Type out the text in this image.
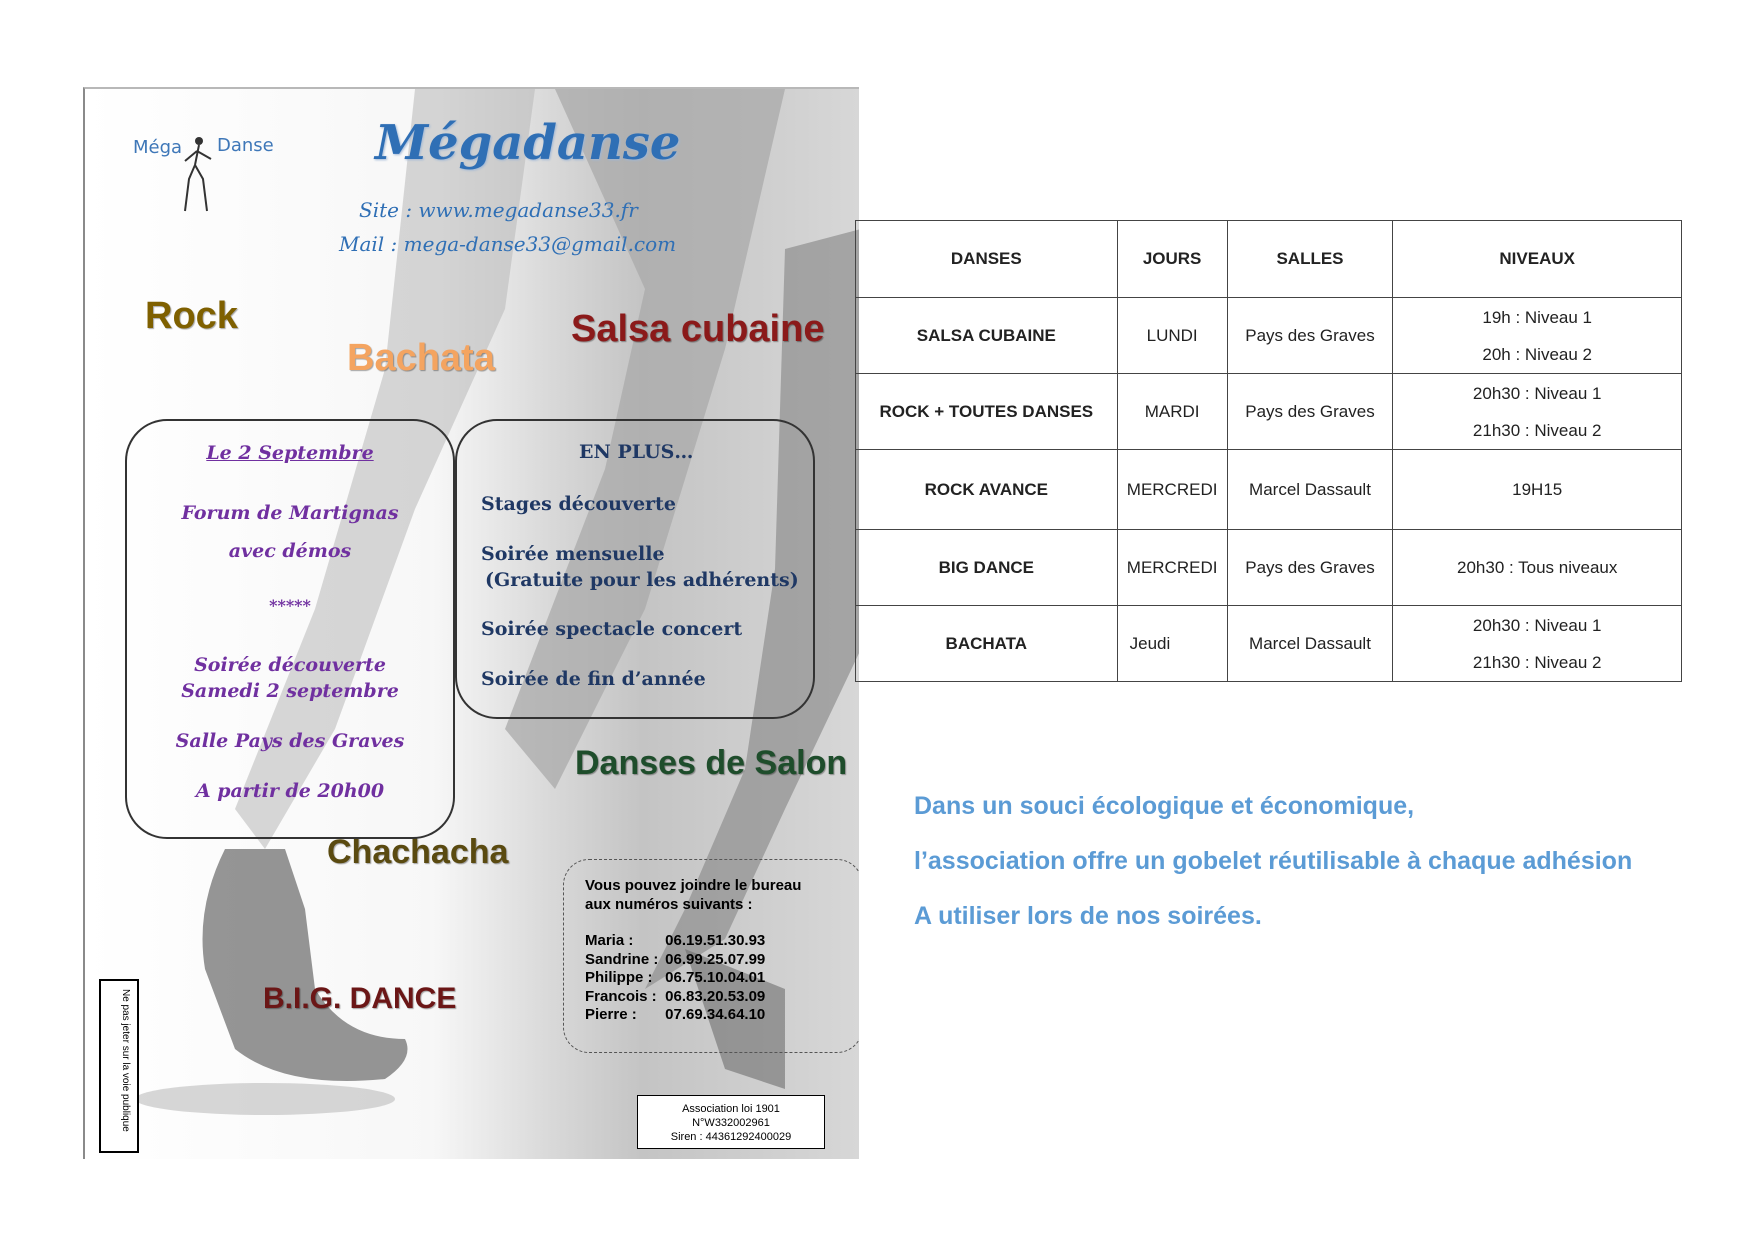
Méga Danse Mégadanse
Site : www.megadanse33.fr
Mail : mega-danse33@gmail.com
Rock
Bachata
Salsa cubaine
Danses de Salon
Chachacha
B.I.G. DANCE
Le 2 Septembre
Forum de Martignas
avec démos
*****
Soirée découverte
Samedi 2 septembre
Salle Pays des Graves
A partir de 20h00
EN PLUS…
Stages découverte
Soirée mensuelle
(Gratuite pour les adhérents)
Soirée spectacle concert
Soirée de fin d’année
Vous pouvez joindre le bureau
aux numéros suivants :
Maria : 06.19.51.30.93
Sandrine : 06.99.25.07.99
Philippe : 06.75.10.04.01
Francois : 06.83.20.53.09
Pierre : 07.69.34.64.10
Association loi 1901
N°W332002961
Siren : 44361292400029
Ne pas jeter sur la voie publique
DANSES	JOURS	SALLES	NIVEAUX
SALSA CUBAINE	LUNDI	Pays des Graves	19h : Niveau 1
20h : Niveau 2

ROCK + TOUTES DANSES	MARDI	Pays des Graves	20h30 : Niveau 1
21h30 : Niveau 2

ROCK AVANCE	MERCREDI	Marcel Dassault	19H15

BIG DANCE	MERCREDI	Pays des Graves	20h30 : Tous niveaux

BACHATA	Jeudi	Marcel Dassault	20h30 : Niveau 1
21h30 : Niveau 2
Dans un souci écologique et économique,
l’association offre un gobelet réutilisable à chaque adhésion
A utiliser lors de nos soirées.
